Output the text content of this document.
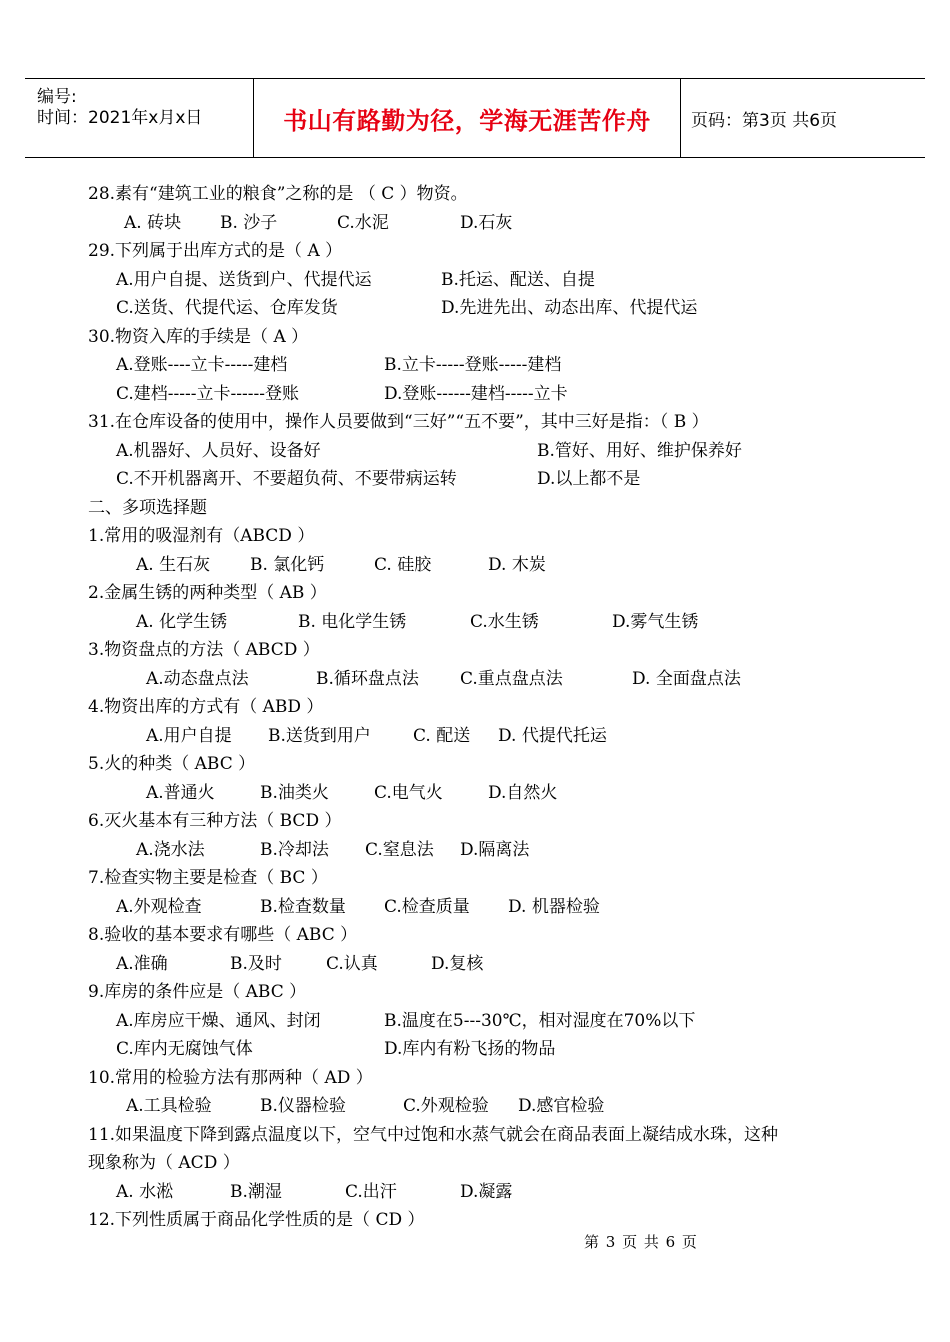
编号:
时间：2021年x月x日	书山有路勤为径，学海无涯苦作舟 页码：第3页 共6页
28.素有“建筑工业的粮食”之称的是 （ C ）物资。
A. 砖块 B. 沙子	C.水泥	D.石灰
29.下列属于出库方式的是（ A ）
A.用户自提、送货到户、代提代运	B.托运、配送、自提
C.送货、代提代运、仓库发货	D.先进先出、动态出库、代提代运
30.物资入库的手续是（ A ）
A.登账----立卡-----建档	B.立卡-----登账-----建档
C.建档-----立卡------登账	D.登账------建档-----立卡
31.在仓库设备的使用中，操作人员要做到“三好”“五不要”，其中三好是指：（ B ）
A.机器好、人员好、设备好	B.管好、用好、维护保养好
C.不开机器离开、不要超负荷、不要带病运转	D.以上都不是
二、多项选择题
1.常用的吸湿剂有（ABCD ）
A. 生石灰 B. 氯化钙	C. 硅胶	D. 木炭
2.金属生锈的两种类型（ AB ）
A. 化学生锈	B. 电化学生锈	C.水生锈	D.雾气生锈
3.物资盘点的方法（ ABCD ）
A.动态盘点法	B.循环盘点法 C.重点盘点法	D. 全面盘点法
4.物资出库的方式有（ ABD ）
A.用户自提 B.送货到用户 C. 配送 D. 代提代托运
5.火的种类（ ABC ）
A.普通火	B.油类火	C.电气火	D.自然火
6.灭火基本有三种方法（ BCD ）
A.浇水法	B.冷却法 C.窒息法 D.隔离法
7.检查实物主要是检查（ BC ）
A.外观检查	B.检查数量 C.检查质量 D. 机器检验
8.验收的基本要求有哪些（ ABC ）
A.准确	B.及时	C.认真	D.复核
9.库房的条件应是（ ABC ）
A.库房应干燥、通风、封闭	B.温度在5---30℃，相对湿度在70%以下
C.库内无腐蚀气体	D.库内有粉飞扬的物品
10.常用的检验方法有那两种（ AD ）
A.工具检验	B.仪器检验	C.外观检验 D.感官检验
11.如果温度下降到露点温度以下，空气中过饱和水蒸气就会在商品表面上凝结成水珠，这种
现象称为（ ACD ）
A. 水淞	B.潮湿	C.出汗	D.凝露
12.下列性质属于商品化学性质的是（ CD ）
第 3 页 共 6 页
